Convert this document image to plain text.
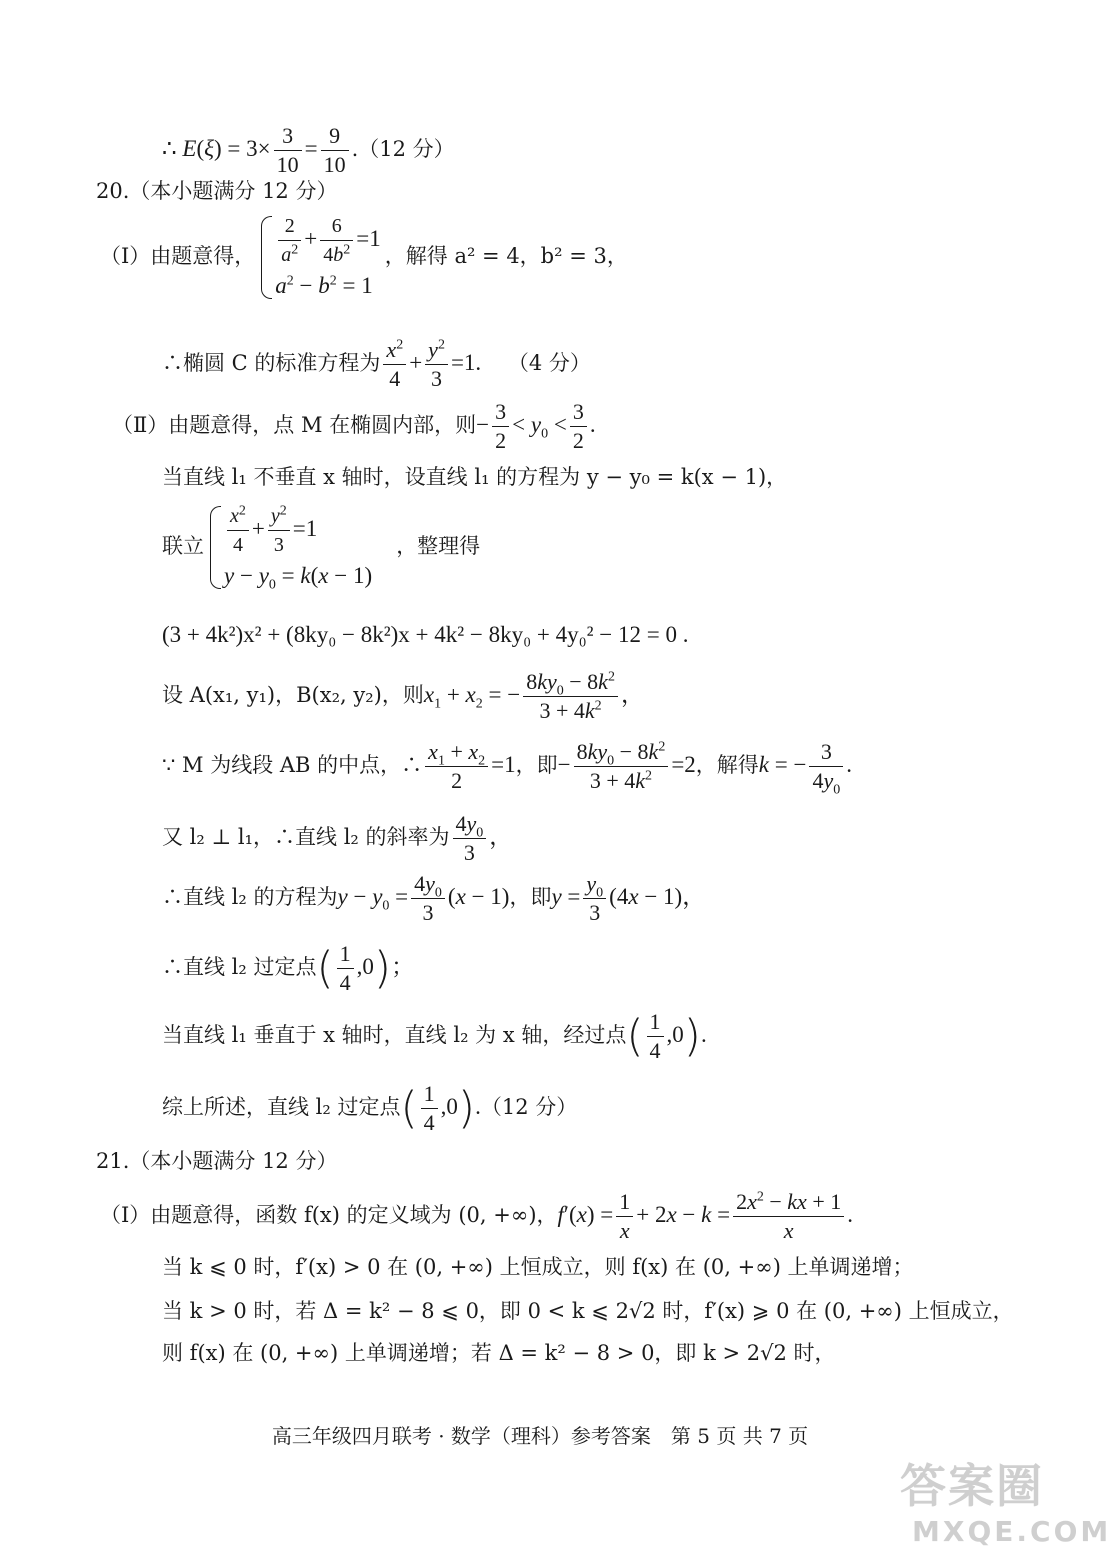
∴ $E(\xi) = 3\times \frac{3}{10} = \frac{9}{10} .(12$ 分）
20.（本小题满分 12 分）
（Ⅰ）由题意得， $\frac{2}{a^2} + \frac{6}{4b^2} =1$
$a^2 - b^2 = 1$
，解得 a² = 4，b² = 3，
∴椭圆 C 的标准方程为 $\frac{x^2}{4} + \frac{y^2}{3} =1$. （4 分）
（Ⅱ）由题意得，点 M 在椭圆内部，则− $\frac{3}{2} < y_0 < \frac{3}{2}$ .
当直线 l₁ 不垂直 x 轴时，设直线 l₁ 的方程为 y − y₀ = k(x − 1)，
联立 $\frac{x^2}{4} + \frac{y^2}{3} =1$
$y - y_0 = k(x - 1)$
，整理得
(3 + 4k²)x² + (8ky₀ − 8k²)x + 4k² − 8ky₀ + 4y₀² − 12 = 0 .
设 A(x₁, y₁)，B(x₂, y₂)，则$x_1 + x_2$ = − $\frac{8ky_0 - 8k^2}{3 + 4k^2}$ ，
∵ M 为线段 AB 的中点，∴ $\frac{x_1 + x_2}{2} =1$，即− $\frac{8ky_0 - 8k^2}{3 + 4k^2} =2$，解得k = − $\frac{3}{4y_0}$ .
又 l₂ ⊥ l₁，∴直线 l₂ 的斜率为 $\frac{4y_0}{3}$ ，
∴直线 l₂ 的方程为$y - y_0 = \frac{4y_0}{3} (x - 1)$，即$y = \frac{y_0}{3} (4x - 1)$，
∴直线 l₂ 过定点( $\frac{1}{4} ,0$)；
当直线 l₁ 垂直于 x 轴时，直线 l₂ 为 x 轴，经过点( $\frac{1}{4} ,0$).
综上所述，直线 l₂ 过定点( $\frac{1}{4} ,0).(12$ 分）
21.（本小题满分 12 分）
（Ⅰ）由题意得，函数 f(x) 的定义域为 (0, +∞)，$f'(x) = \frac{1}{x} + 2x - k = \frac{2x^2 - kx + 1}{x}$ .
当 k ⩽ 0 时，f′(x) > 0 在 (0, +∞) 上恒成立，则 f(x) 在 (0, +∞) 上单调递增；
当 k > 0 时，若 Δ = k² − 8 ⩽ 0，即 0 < k ⩽ 2√2 时，f′(x) ⩾ 0 在 (0, +∞) 上恒成立，
则 f(x) 在 (0, +∞) 上单调递增；若 Δ = k² − 8 > 0，即 k > 2√2 时，
高三年级四月联考 · 数学（理科）参考答案　第 5 页 共 7 页
答案圈
MXQE.COM
